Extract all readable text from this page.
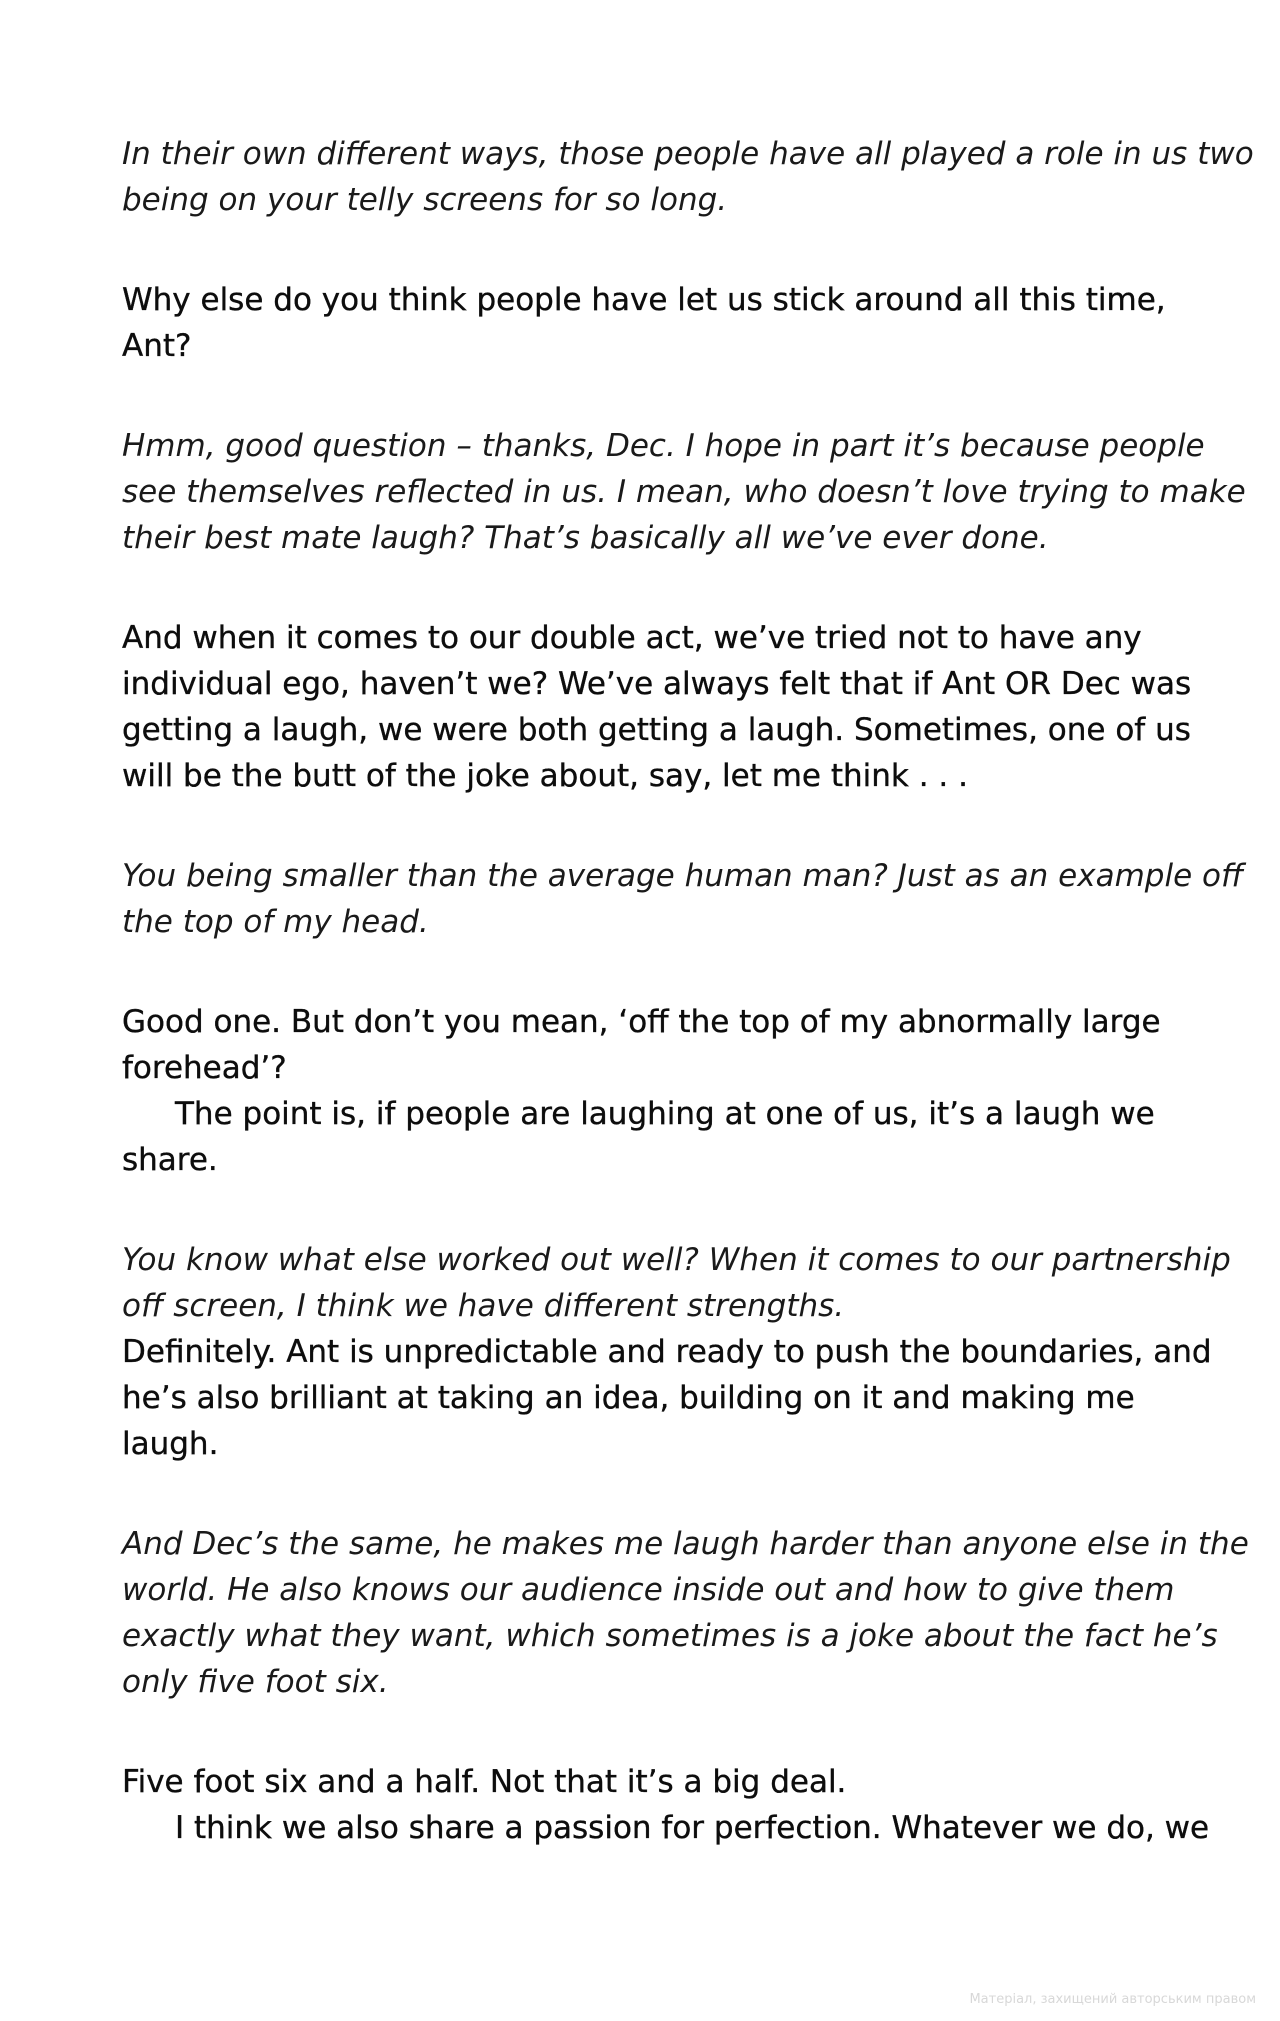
In their own different ways, those people have all played a role in us two
being on your telly screens for so long.

Why else do you think people have let us stick around all this time,
Ant?

Hmm, good question – thanks, Dec. I hope in part it’s because people
see themselves reflected in us. I mean, who doesn’t love trying to make
their best mate laugh? That’s basically all we’ve ever done.

And when it comes to our double act, we’ve tried not to have any
individual ego, haven’t we? We’ve always felt that if Ant OR Dec was
getting a laugh, we were both getting a laugh. Sometimes, one of us
will be the butt of the joke about, say, let me think . . .

You being smaller than the average human man? Just as an example off
the top of my head.

Good one. But don’t you mean, ‘off the top of my abnormally large
forehead’?
The point is, if people are laughing at one of us, it’s a laugh we
share.

You know what else worked out well? When it comes to our partnership
off screen, I think we have different strengths.

Definitely. Ant is unpredictable and ready to push the boundaries, and
he’s also brilliant at taking an idea, building on it and making me
laugh.

And Dec’s the same, he makes me laugh harder than anyone else in the
world. He also knows our audience inside out and how to give them
exactly what they want, which sometimes is a joke about the fact he’s
only five foot six.

Five foot six and a half. Not that it’s a big deal.
I think we also share a passion for perfection. Whatever we do, we

Матеріал, захищений авторським правом
